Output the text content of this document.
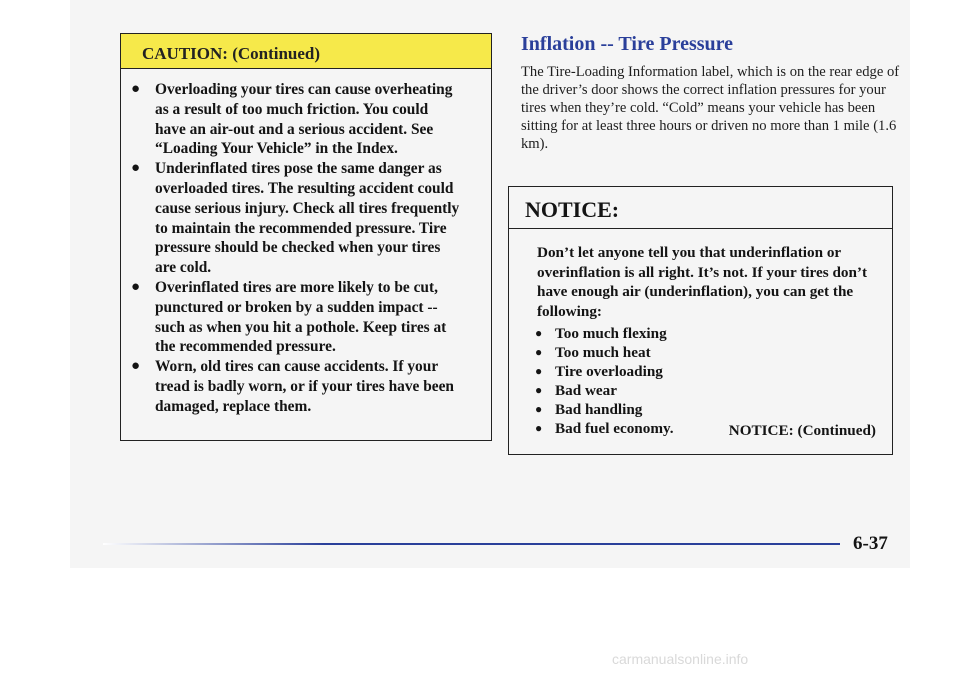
CAUTION: (Continued)
● Overloading your tires can cause overheating as a result of too much friction. You could have an air-out and a serious accident. See “Loading Your Vehicle” in the Index.
● Underinflated tires pose the same danger as overloaded tires. The resulting accident could cause serious injury. Check all tires frequently to maintain the recommended pressure. Tire pressure should be checked when your tires are cold.
● Overinflated tires are more likely to be cut, punctured or broken by a sudden impact -- such as when you hit a pothole. Keep tires at the recommended pressure.
● Worn, old tires can cause accidents. If your tread is badly worn, or if your tires have been damaged, replace them.
Inflation -- Tire Pressure
The Tire-Loading Information label, which is on the rear edge of the driver’s door shows the correct inflation pressures for your tires when they’re cold. “Cold” means your vehicle has been sitting for at least three hours or driven no more than 1 mile (1.6 km).
NOTICE:

Don’t let anyone tell you that underinflation or overinflation is all right. It’s not. If your tires don’t have enough air (underinflation), you can get the following:

● Too much flexing
● Too much heat
● Tire overloading
● Bad wear
● Bad handling
● Bad fuel economy.	NOTICE: (Continued)
6-37
carmanualsonline.info
